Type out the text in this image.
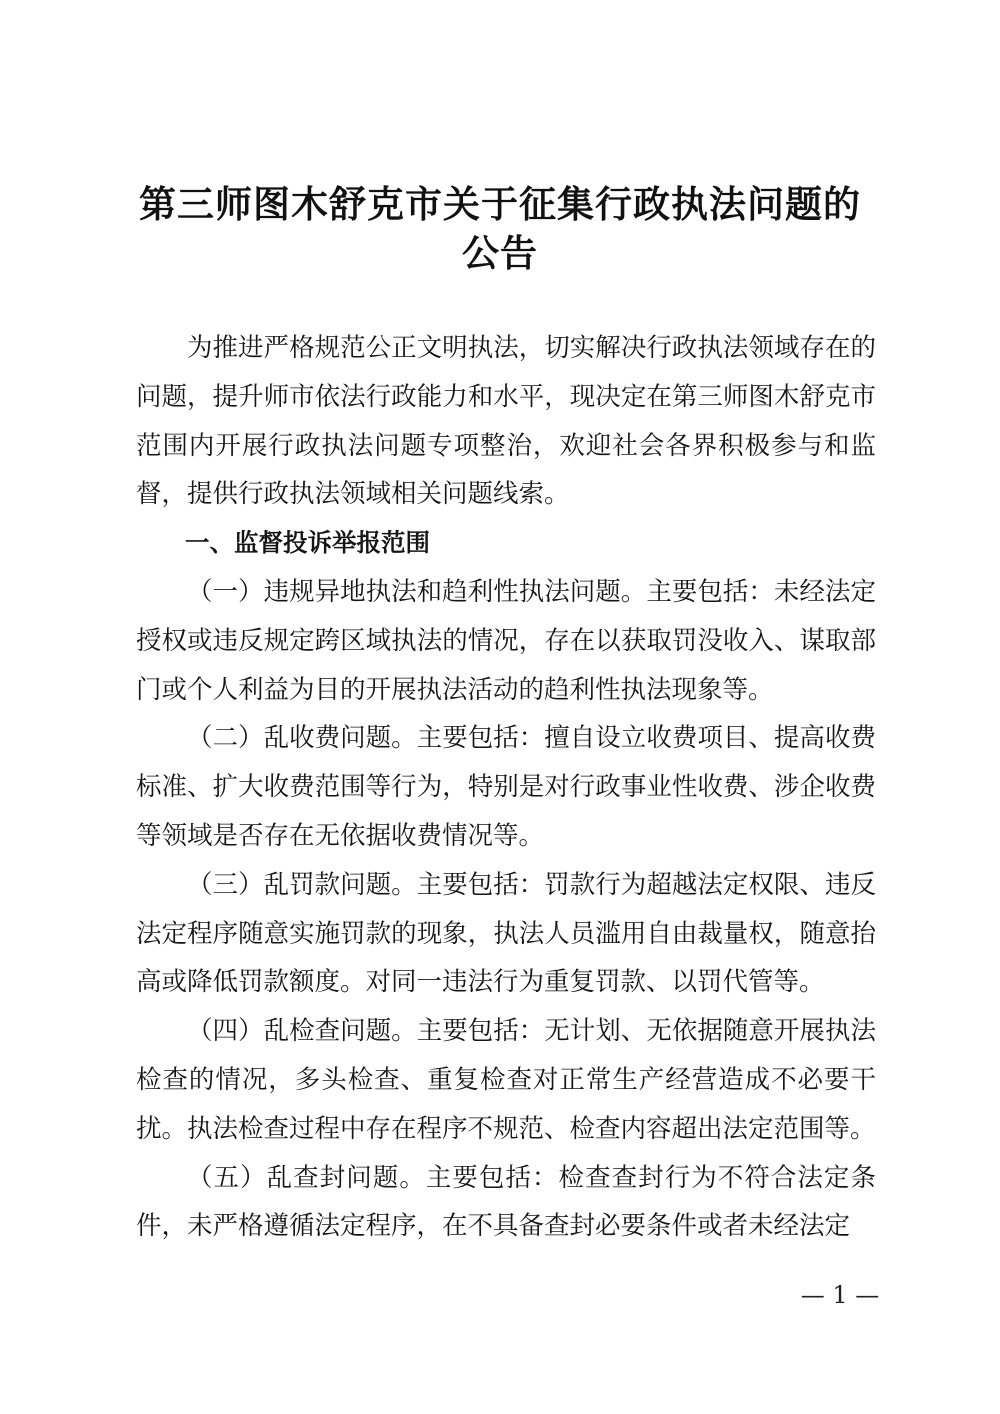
第三师图木舒克市关于征集行政执法问题的
公告

为推进严格规范公正文明执法，切实解决行政执法领域存在的问题，提升师市依法行政能力和水平，现决定在第三师图木舒克市范围内开展行政执法问题专项整治，欢迎社会各界积极参与和监督，提供行政执法领域相关问题线索。

一、监督投诉举报范围

（一）违规异地执法和趋利性执法问题。主要包括：未经法定授权或违反规定跨区域执法的情况，存在以获取罚没收入、谋取部门或个人利益为目的开展执法活动的趋利性执法现象等。

（二）乱收费问题。主要包括：擅自设立收费项目、提高收费标准、扩大收费范围等行为，特别是对行政事业性收费、涉企收费等领域是否存在无依据收费情况等。

（三）乱罚款问题。主要包括：罚款行为超越法定权限、违反法定程序随意实施罚款的现象，执法人员滥用自由裁量权，随意抬高或降低罚款额度。对同一违法行为重复罚款、以罚代管等。

（四）乱检查问题。主要包括：无计划、无依据随意开展执法检查的情况，多头检查、重复检查对正常生产经营造成不必要干扰。执法检查过程中存在程序不规范、检查内容超出法定范围等。

（五）乱查封问题。主要包括：检查查封行为不符合法定条件，未严格遵循法定程序，在不具备查封必要条件或者未经法定

— 1 —
